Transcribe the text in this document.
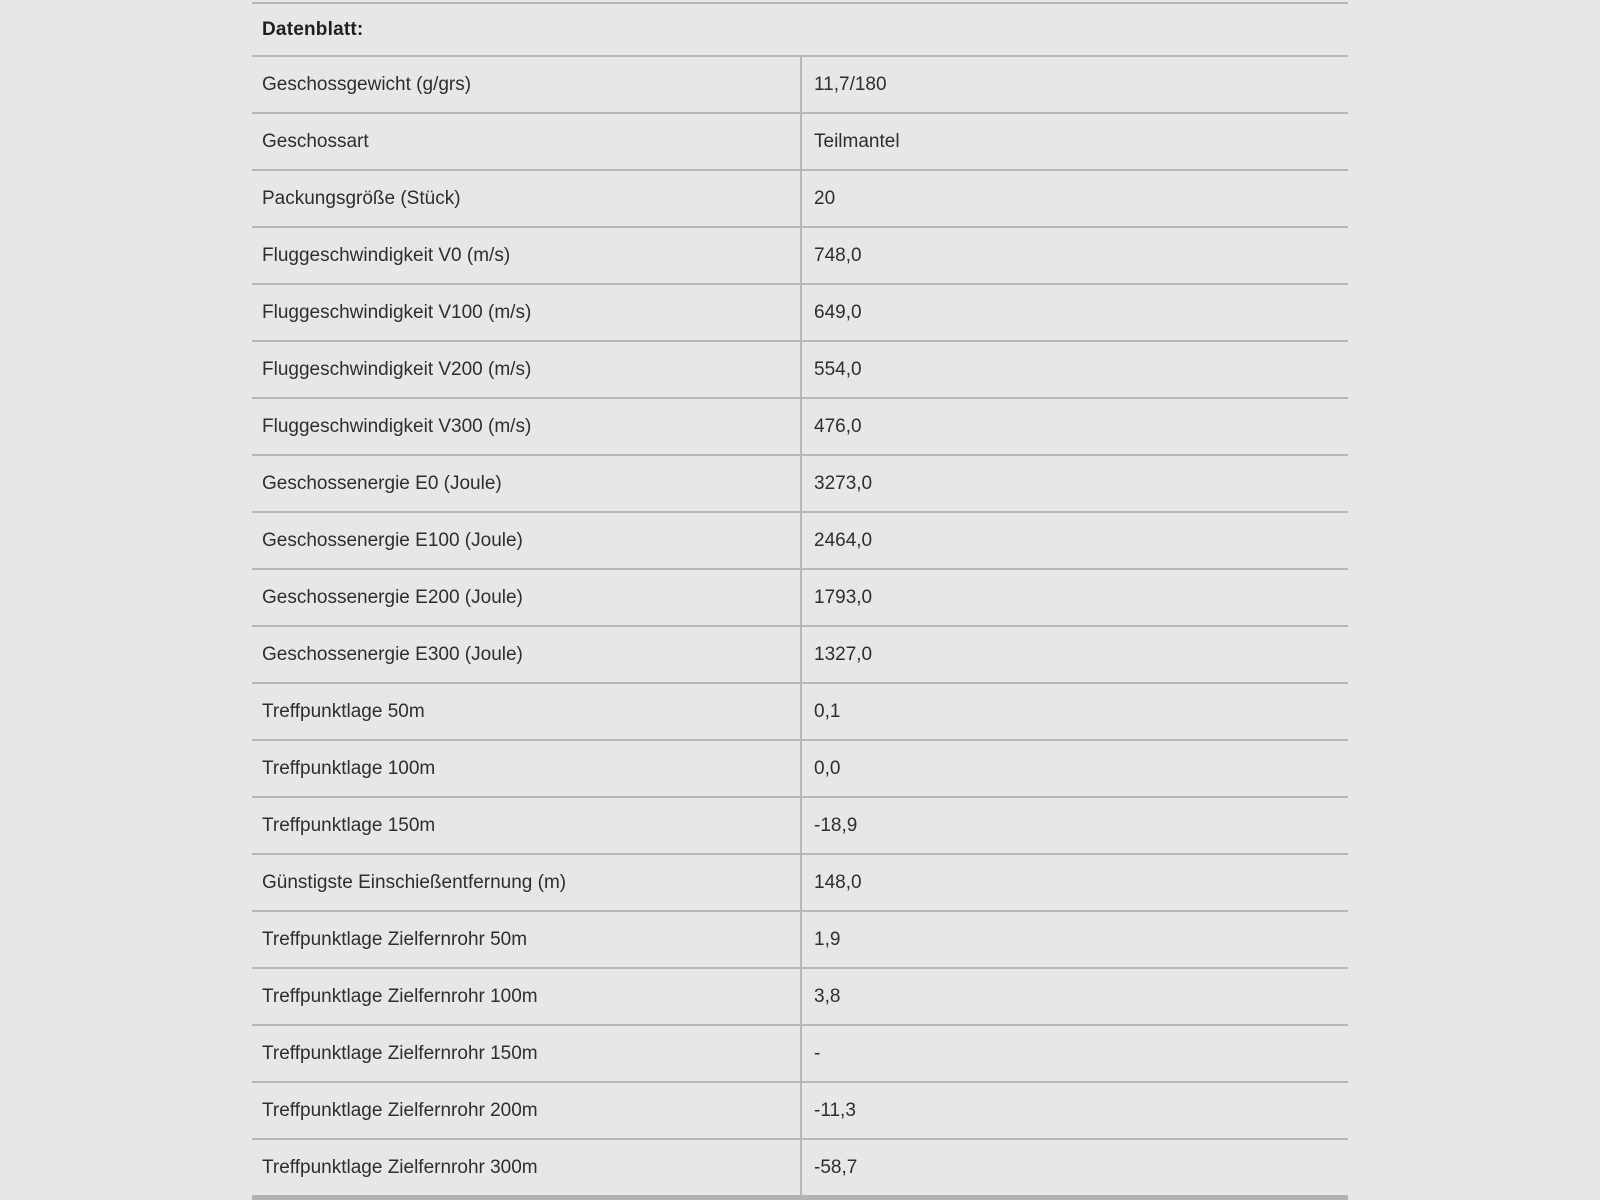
Datenblatt:
Geschossgewicht (g/grs)	11,7/180
Geschossart	Teilmantel
Packungsgröße (Stück)	20
Fluggeschwindigkeit V0 (m/s)	748,0
Fluggeschwindigkeit V100 (m/s)	649,0
Fluggeschwindigkeit V200 (m/s)	554,0
Fluggeschwindigkeit V300 (m/s)	476,0
Geschossenergie E0 (Joule)	3273,0
Geschossenergie E100 (Joule)	2464,0
Geschossenergie E200 (Joule)	1793,0
Geschossenergie E300 (Joule)	1327,0
Treffpunktlage 50m	0,1
Treffpunktlage 100m	0,0
Treffpunktlage 150m	-18,9
Günstigste Einschießentfernung (m)	148,0
Treffpunktlage Zielfernrohr 50m	1,9
Treffpunktlage Zielfernrohr 100m	3,8
Treffpunktlage Zielfernrohr 150m	-
Treffpunktlage Zielfernrohr 200m	-11,3
Treffpunktlage Zielfernrohr 300m	-58,7
